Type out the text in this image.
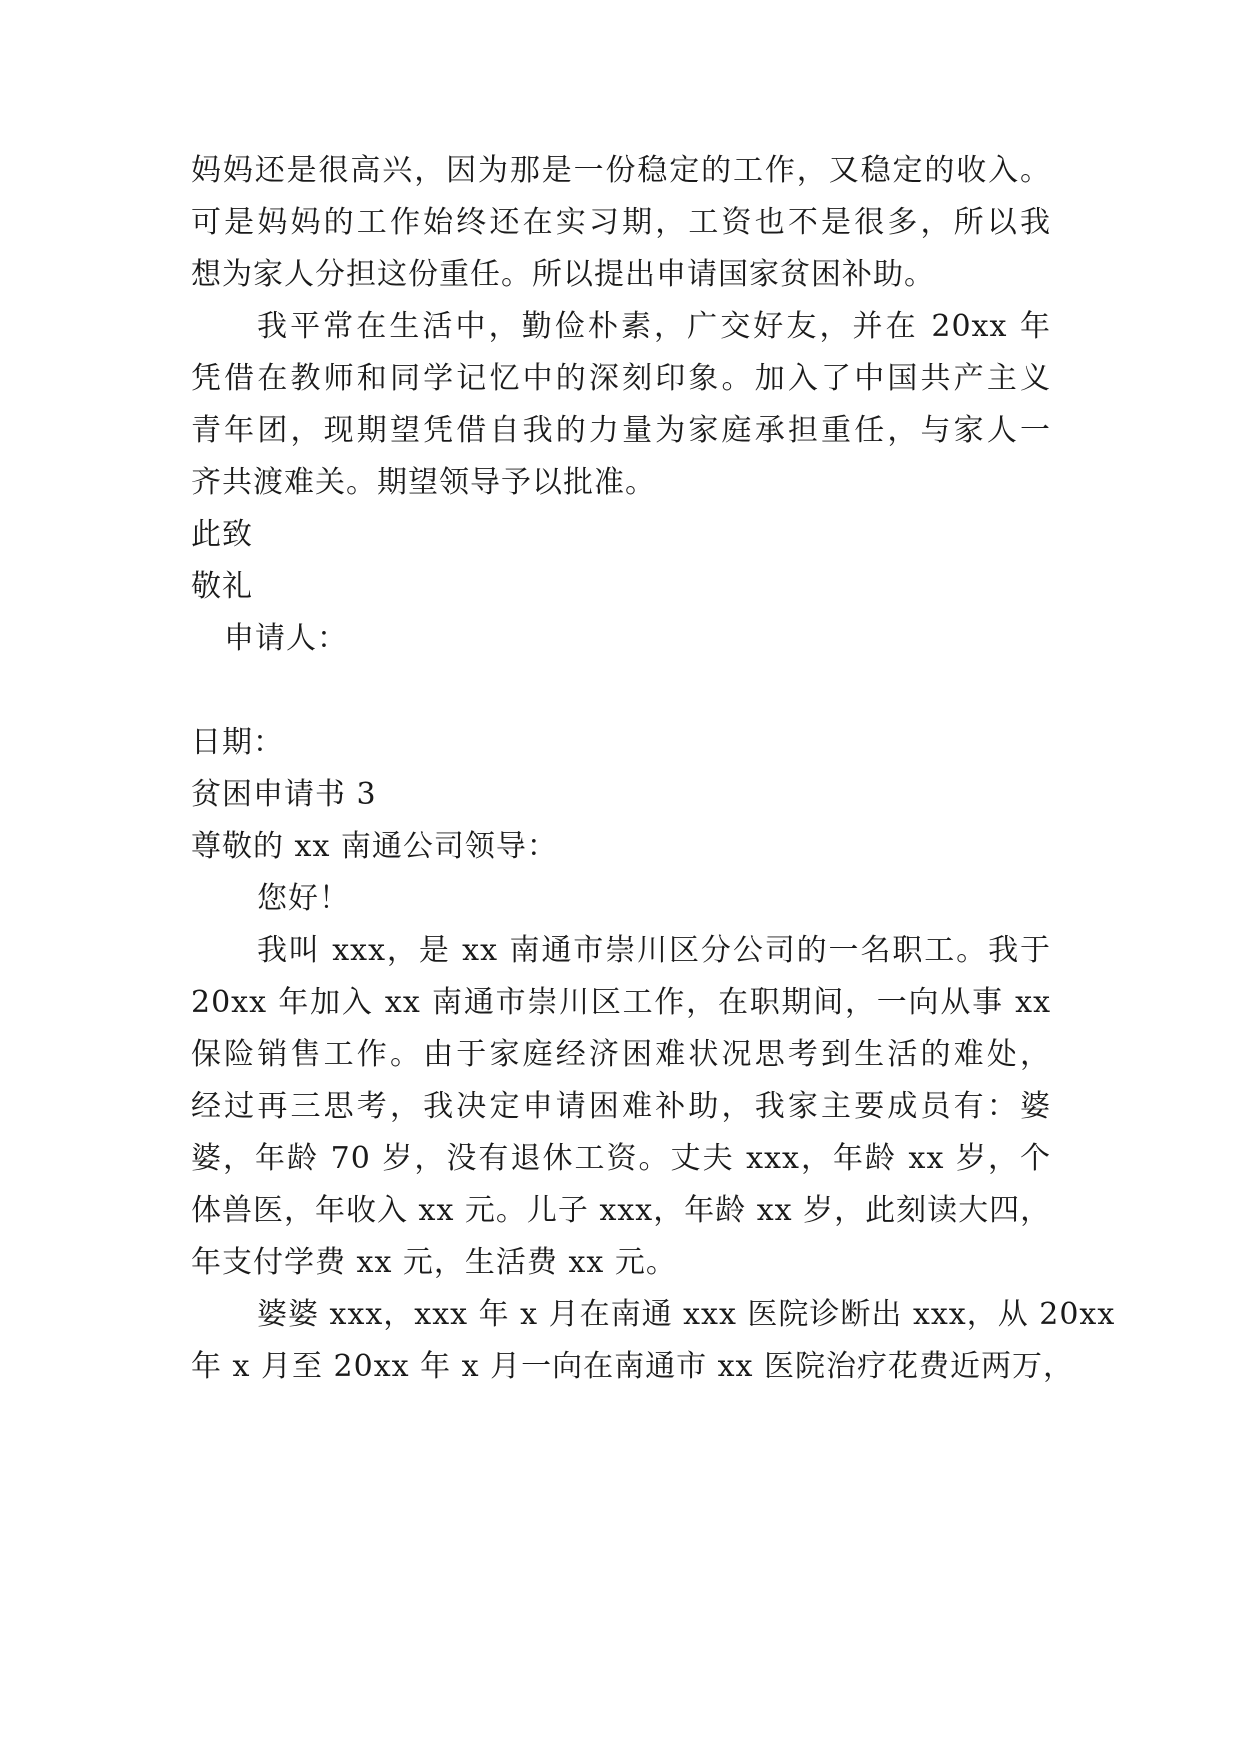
妈妈还是很高兴，因为那是一份稳定的工作，又稳定的收入。
可是妈妈的工作始终还在实习期，工资也不是很多，所以我
想为家人分担这份重任。所以提出申请国家贫困补助。
我平常在生活中，勤俭朴素，广交好友，并在 20xx 年
凭借在教师和同学记忆中的深刻印象。加入了中国共产主义
青年团，现期望凭借自我的力量为家庭承担重任，与家人一
齐共渡难关。期望领导予以批准。
此致
敬礼
申请人：
日期：
贫困申请书 3
尊敬的 xx 南通公司领导：
您好！
我叫 xxx，是 xx 南通市崇川区分公司的一名职工。我于
20xx 年加入 xx 南通市崇川区工作，在职期间，一向从事 xx
保险销售工作。由于家庭经济困难状况思考到生活的难处，
经过再三思考，我决定申请困难补助，我家主要成员有：婆
婆，年龄 70 岁，没有退休工资。丈夫 xxx，年龄 xx 岁，个
体兽医，年收入 xx 元。儿子 xxx，年龄 xx 岁，此刻读大四，
年支付学费 xx 元，生活费 xx 元。
婆婆 xxx，xxx 年 x 月在南通 xxx 医院诊断出 xxx，从 20xx
年 x 月至 20xx 年 x 月一向在南通市 xx 医院治疗花费近两万，
